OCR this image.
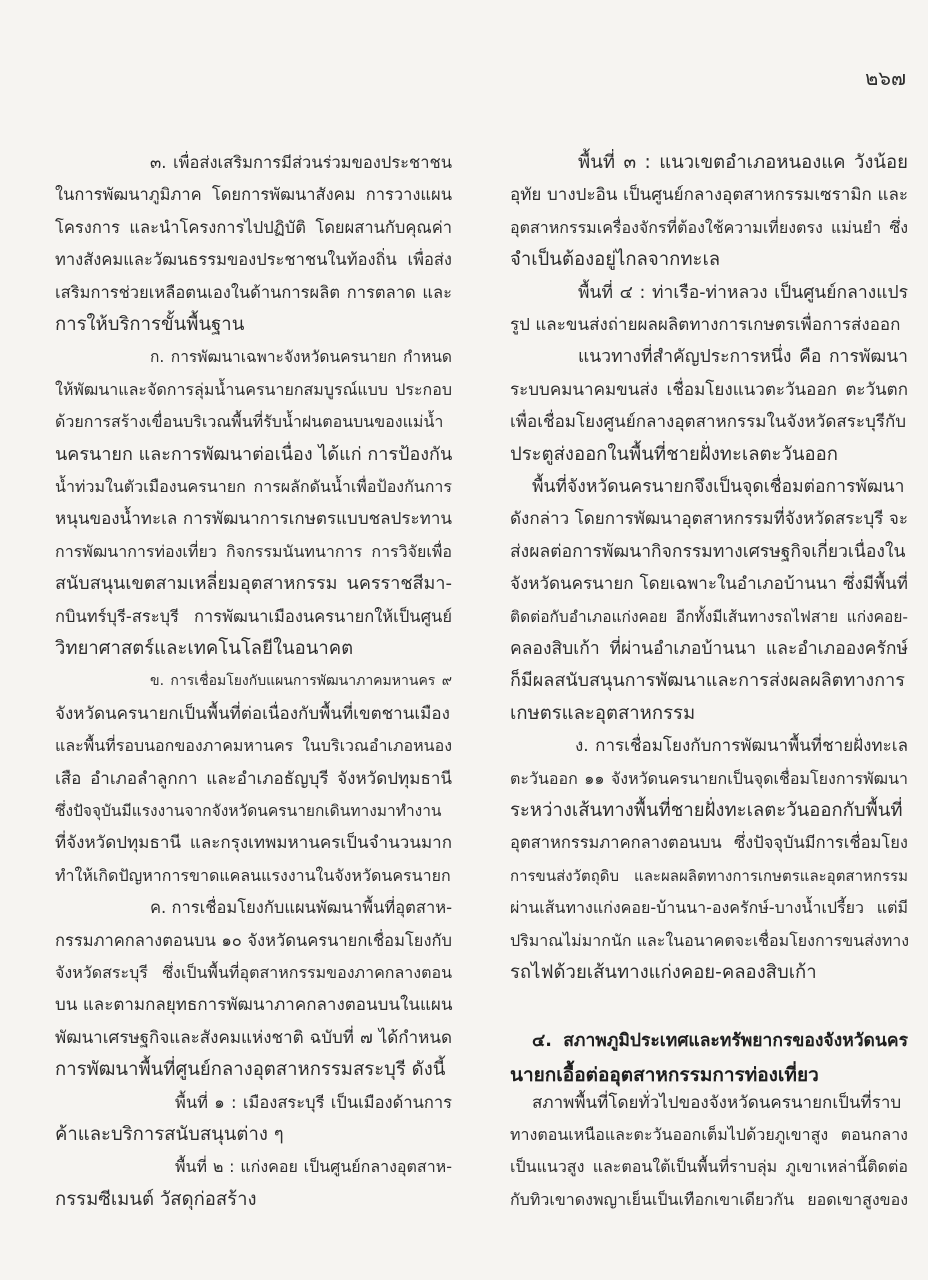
๒๖๗
๓. เพื่อส่งเสริมการมีส่วนร่วมของประชาชน
ในการพัฒนาภูมิภาค โดยการพัฒนาสังคม การวางแผน
โครงการ และนำโครงการไปปฏิบัติ โดยผสานกับคุณค่า
ทางสังคมและวัฒนธรรมของประชาชนในท้องถิ่น เพื่อส่ง
เสริมการช่วยเหลือตนเองในด้านการผลิต การตลาด และ
การให้บริการขั้นพื้นฐาน
ก. การพัฒนาเฉพาะจังหวัดนครนายก กำหนด
ให้พัฒนาและจัดการลุ่มน้ำนครนายกสมบูรณ์แบบ ประกอบ
ด้วยการสร้างเขื่อนบริเวณพื้นที่รับน้ำฝนตอนบนของแม่น้ำ
นครนายก และการพัฒนาต่อเนื่อง ได้แก่ การป้องกัน
น้ำท่วมในตัวเมืองนครนายก การผลักดันน้ำเพื่อป้องกันการ
หนุนของน้ำทะเล การพัฒนาการเกษตรแบบชลประทาน
การพัฒนาการท่องเที่ยว กิจกรรมนันทนาการ การวิจัยเพื่อ
สนับสนุนเขตสามเหลี่ยมอุตสาหกรรม นครราชสีมา-
กบินทร์บุรี-สระบุรี การพัฒนาเมืองนครนายกให้เป็นศูนย์
วิทยาศาสตร์และเทคโนโลยีในอนาคต
ข. การเชื่อมโยงกับแผนการพัฒนาภาคมหานคร ๙
จังหวัดนครนายกเป็นพื้นที่ต่อเนื่องกับพื้นที่เขตชานเมือง
และพื้นที่รอบนอกของภาคมหานคร ในบริเวณอำเภอหนอง
เสือ อำเภอลำลูกกา และอำเภอธัญบุรี จังหวัดปทุมธานี
ซึ่งปัจจุบันมีแรงงานจากจังหวัดนครนายกเดินทางมาทำงาน
ที่จังหวัดปทุมธานี และกรุงเทพมหานครเป็นจำนวนมาก
ทำให้เกิดปัญหาการขาดแคลนแรงงานในจังหวัดนครนายก
ค. การเชื่อมโยงกับแผนพัฒนาพื้นที่อุตสาห-
กรรมภาคกลางตอนบน ๑๐ จังหวัดนครนายกเชื่อมโยงกับ
จังหวัดสระบุรี ซึ่งเป็นพื้นที่อุตสาหกรรมของภาคกลางตอน
บน และตามกลยุทธการพัฒนาภาคกลางตอนบนในแผน
พัฒนาเศรษฐกิจและสังคมแห่งชาติ ฉบับที่ ๗ ได้กำหนด
การพัฒนาพื้นที่ศูนย์กลางอุตสาหกรรมสระบุรี ดังนี้
พื้นที่ ๑ : เมืองสระบุรี เป็นเมืองด้านการ
ค้าและบริการสนับสนุนต่าง ๆ
พื้นที่ ๒ : แก่งคอย เป็นศูนย์กลางอุตสาห-
กรรมซีเมนต์ วัสดุก่อสร้าง
พื้นที่ ๓ : แนวเขตอำเภอหนองแค วังน้อย
อุทัย บางปะอิน เป็นศูนย์กลางอุตสาหกรรมเซรามิก และ
อุตสาหกรรมเครื่องจักรที่ต้องใช้ความเที่ยงตรง แม่นยำ ซึ่ง
จำเป็นต้องอยู่ไกลจากทะเล
พื้นที่ ๔ : ท่าเรือ-ท่าหลวง เป็นศูนย์กลางแปร
รูป และขนส่งถ่ายผลผลิตทางการเกษตรเพื่อการส่งออก
แนวทางที่สำคัญประการหนึ่ง คือ การพัฒนา
ระบบคมนาคมขนส่ง เชื่อมโยงแนวตะวันออก ตะวันตก
เพื่อเชื่อมโยงศูนย์กลางอุตสาหกรรมในจังหวัดสระบุรีกับ
ประตูส่งออกในพื้นที่ชายฝั่งทะเลตะวันออก
พื้นที่จังหวัดนครนายกจึงเป็นจุดเชื่อมต่อการพัฒนา
ดังกล่าว โดยการพัฒนาอุตสาหกรรมที่จังหวัดสระบุรี จะ
ส่งผลต่อการพัฒนากิจกรรมทางเศรษฐกิจเกี่ยวเนื่องใน
จังหวัดนครนายก โดยเฉพาะในอำเภอบ้านนา ซึ่งมีพื้นที่
ติดต่อกับอำเภอแก่งคอย อีกทั้งมีเส้นทางรถไฟสาย แก่งคอย-
คลองสิบเก้า ที่ผ่านอำเภอบ้านนา และอำเภอองครักษ์
ก็มีผลสนับสนุนการพัฒนาและการส่งผลผลิตทางการ
เกษตรและอุตสาหกรรม
ง. การเชื่อมโยงกับการพัฒนาพื้นที่ชายฝั่งทะเล
ตะวันออก ๑๑ จังหวัดนครนายกเป็นจุดเชื่อมโยงการพัฒนา
ระหว่างเส้นทางพื้นที่ชายฝั่งทะเลตะวันออกกับพื้นที่
อุตสาหกรรมภาคกลางตอนบน ซึ่งปัจจุบันมีการเชื่อมโยง
การขนส่งวัตถุดิบ และผลผลิตทางการเกษตรและอุตสาหกรรม
ผ่านเส้นทางแก่งคอย-บ้านนา-องครักษ์-บางน้ำเปรี้ยว แต่มี
ปริมาณไม่มากนัก และในอนาคตจะเชื่อมโยงการขนส่งทาง
รถไฟด้วยเส้นทางแก่งคอย-คลองสิบเก้า
๔. สภาพภูมิประเทศและทรัพยากรของจังหวัดนคร
นายกเอื้อต่ออุตสาหกรรมการท่องเที่ยว
สภาพพื้นที่โดยทั่วไปของจังหวัดนครนายกเป็นที่ราบ
ทางตอนเหนือและตะวันออกเต็มไปด้วยภูเขาสูง ตอนกลาง
เป็นแนวสูง และตอนใต้เป็นพื้นที่ราบลุ่ม ภูเขาเหล่านี้ติดต่อ
กับทิวเขาดงพญาเย็นเป็นเทือกเขาเดียวกัน ยอดเขาสูงของ
